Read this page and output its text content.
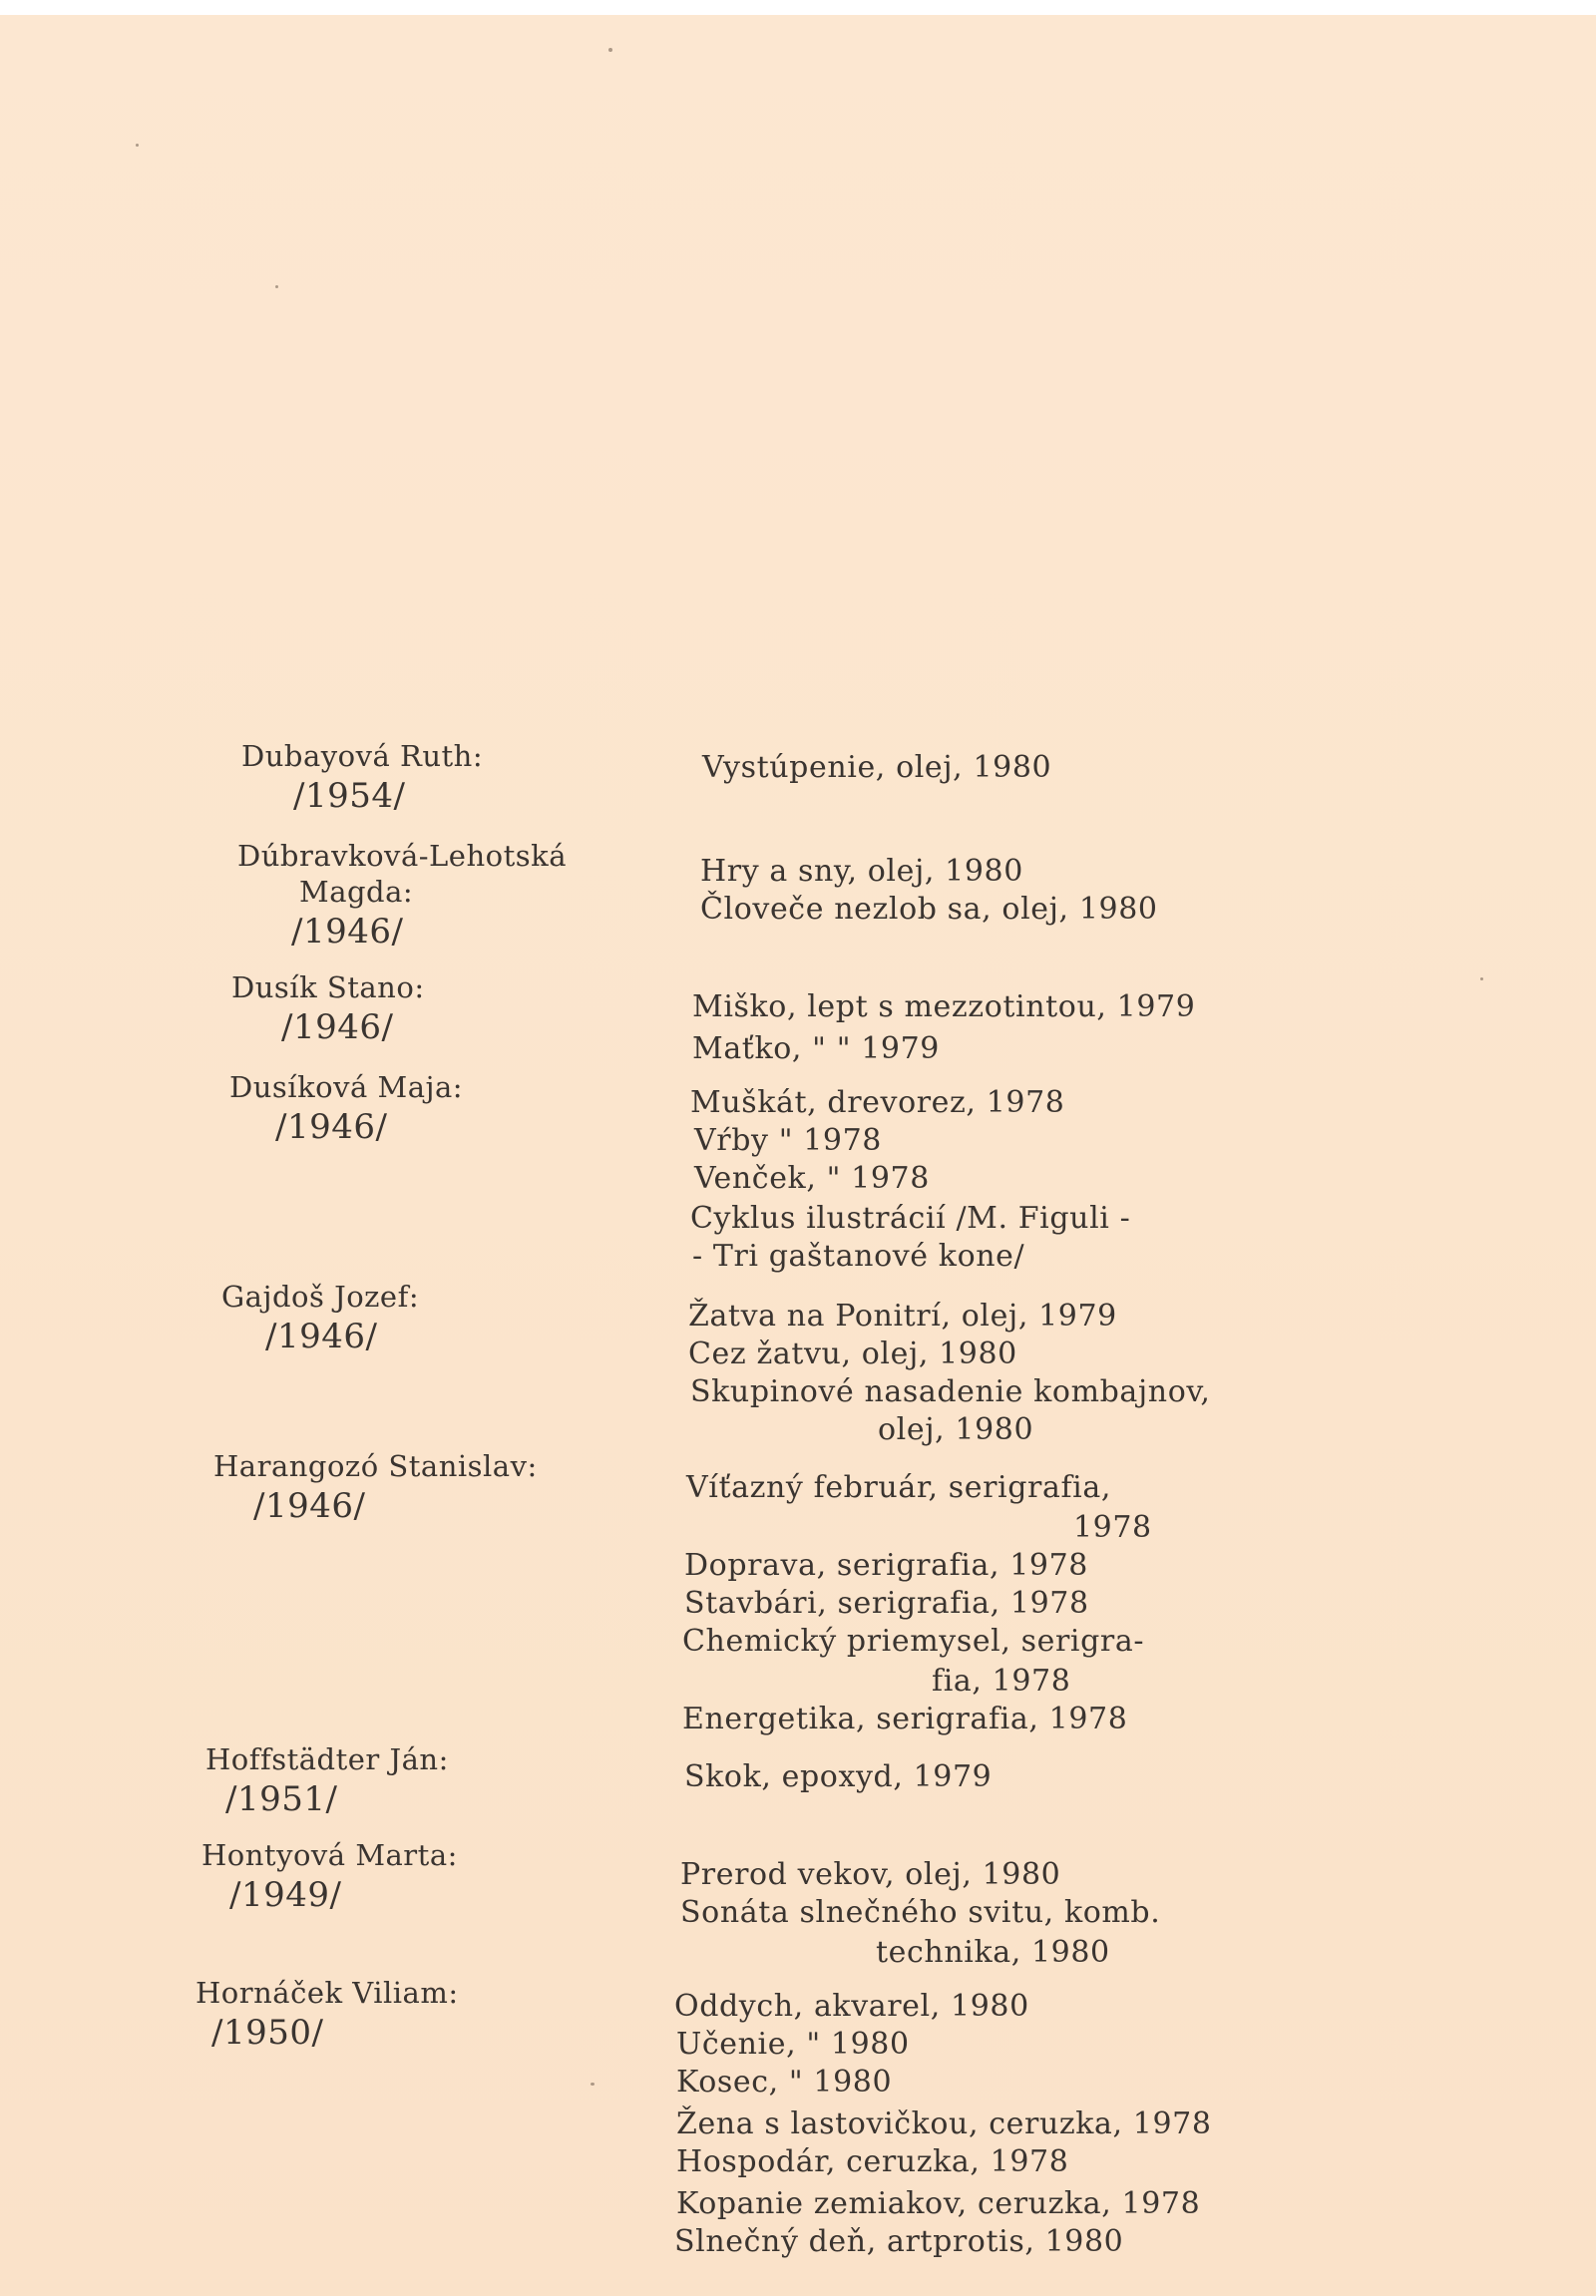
Dubayová Ruth:
/1954/
Vystúpenie, olej, 1980
Dúbravková-Lehotská
Magda:
/1946/
Hry a sny, olej, 1980
Človeče nezlob sa, olej, 1980
Dusík Stano:
/1946/
Miško, lept s mezzotintou, 1979
Maťko, " " 1979
Dusíková Maja:
/1946/
Muškát, drevorez, 1978
Vŕby " 1978
Venček, " 1978
Cyklus ilustrácií /M. Figuli -
- Tri gaštanové kone/
Gajdoš Jozef:
/1946/
Žatva na Ponitrí, olej, 1979
Cez žatvu, olej, 1980
Skupinové nasadenie kombajnov,
olej, 1980
Harangozó Stanislav:
/1946/	Víťazný február, serigrafia,
1978
Doprava, serigrafia, 1978
Stavbári, serigrafia, 1978
Chemický priemysel, serigra-
fia, 1978
Energetika, serigrafia, 1978
Hoffstädter Ján:
/1951/
Skok, epoxyd, 1979
Hontyová Marta:
/1949/
Prerod vekov, olej, 1980
Sonáta slnečného svitu, komb.
technika, 1980
Hornáček Viliam:
/1950/
Oddych, akvarel, 1980
Učenie, " 1980
Kosec, " 1980
Žena s lastovičkou, ceruzka, 1978
Hospodár, ceruzka, 1978
Kopanie zemiakov, ceruzka, 1978
Slnečný deň, artprotis, 1980
